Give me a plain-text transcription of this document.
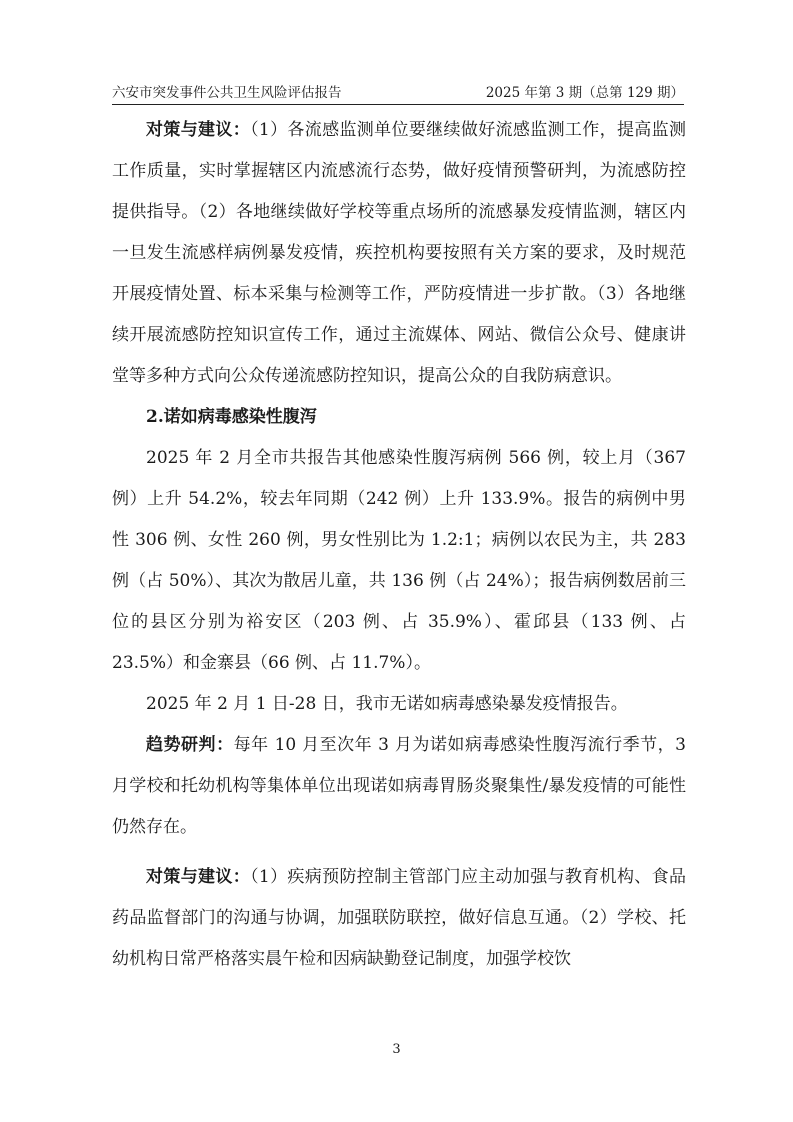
六安市突发事件公共卫生风险评估报告	2025 年第 3 期（总第 129 期）

对策与建议：（1）各流感监测单位要继续做好流感监测工作，提高监测工作质量，实时掌握辖区内流感流行态势，做好疫情预警研判，为流感防控提供指导。（2）各地继续做好学校等重点场所的流感暴发疫情监测，辖区内一旦发生流感样病例暴发疫情，疾控机构要按照有关方案的要求，及时规范开展疫情处置、标本采集与检测等工作，严防疫情进一步扩散。（3）各地继续开展流感防控知识宣传工作，通过主流媒体、网站、微信公众号、健康讲堂等多种方式向公众传递流感防控知识，提高公众的自我防病意识。

2.诺如病毒感染性腹泻

2025 年 2 月全市共报告其他感染性腹泻病例 566 例，较上月（367 例）上升 54.2%，较去年同期（242 例）上升 133.9%。报告的病例中男性 306 例、女性 260 例，男女性别比为 1.2:1；病例以农民为主，共 283 例（占 50%）、其次为散居儿童，共 136 例（占 24%）；报告病例数居前三位的县区分别为裕安区（203 例、占 35.9%）、霍邱县（133 例、占 23.5%）和金寨县（66 例、占 11.7%）。

2025 年 2 月 1 日-28 日，我市无诺如病毒感染暴发疫情报告。

趋势研判：每年 10 月至次年 3 月为诺如病毒感染性腹泻流行季节，3 月学校和托幼机构等集体单位出现诺如病毒胃肠炎聚集性/暴发疫情的可能性仍然存在。

对策与建议：（1）疾病预防控制主管部门应主动加强与教育机构、食品药品监督部门的沟通与协调，加强联防联控，做好信息互通。（2）学校、托幼机构日常严格落实晨午检和因病缺勤登记制度，加强学校饮

3
